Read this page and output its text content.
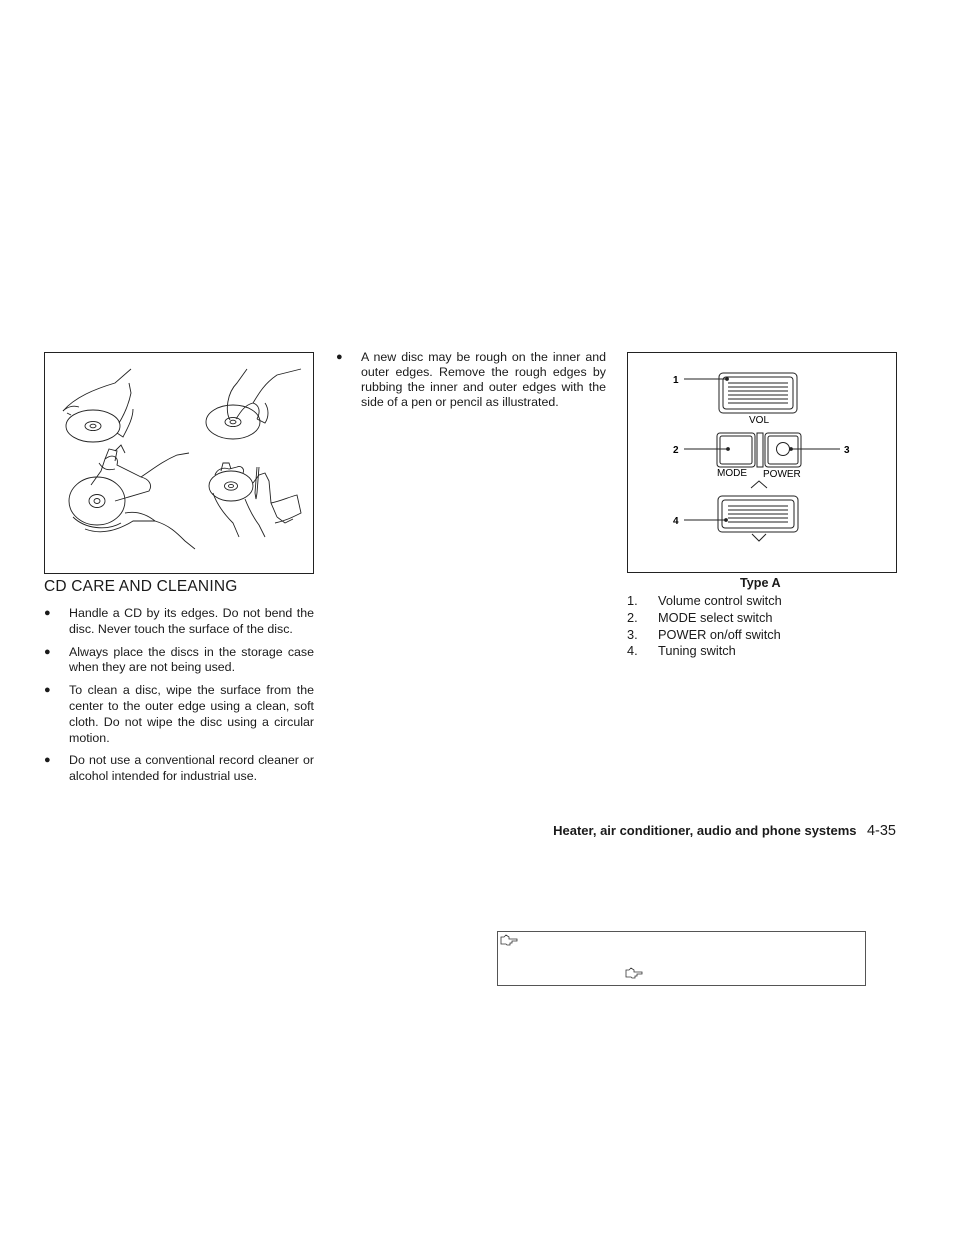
CD CARE AND CLEANING
● Handle a CD by its edges. Do not bend the disc. Never touch the surface of the disc.
● Always place the discs in the storage case when they are not being used.
● To clean a disc, wipe the surface from the center to the outer edge using a clean, soft cloth. Do not wipe the disc using a circular motion.
● Do not use a conventional record cleaner or alcohol intended for industrial use.
● A new disc may be rough on the inner and outer edges. Remove the rough edges by rubbing the inner and outer edges with the side of a pen or pencil as illustrated.
1
2	3
4
VOL
MODE POWER
Type A
1. Volume control switch
2. MODE select switch
3. POWER on/off switch
4. Tuning switch
Heater, air conditioner, audio and phone systems 4-35
